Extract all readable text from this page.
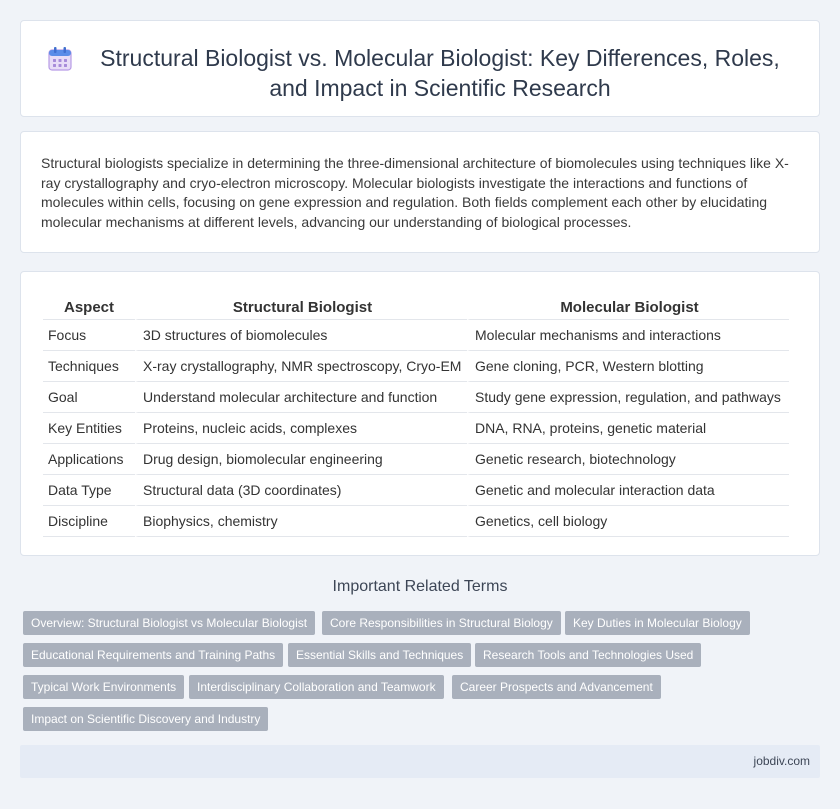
Structural Biologist vs. Molecular Biologist: Key Differences, Roles, and Impact in Scientific Research

Structural biologists specialize in determining the three-dimensional architecture of biomolecules using techniques like X-ray crystallography and cryo-electron microscopy. Molecular biologists investigate the interactions and functions of molecules within cells, focusing on gene expression and regulation. Both fields complement each other by elucidating molecular mechanisms at different levels, advancing our understanding of biological processes.

Aspect	Structural Biologist	Molecular Biologist
Focus	3D structures of biomolecules	Molecular mechanisms and interactions
Techniques	X-ray crystallography, NMR spectroscopy, Cryo-EM	Gene cloning, PCR, Western blotting
Goal	Understand molecular architecture and function	Study gene expression, regulation, and pathways
Key Entities	Proteins, nucleic acids, complexes	DNA, RNA, proteins, genetic material
Applications	Drug design, biomolecular engineering	Genetic research, biotechnology
Data Type	Structural data (3D coordinates)	Genetic and molecular interaction data
Discipline	Biophysics, chemistry	Genetics, cell biology
Important Related Terms
Overview: Structural Biologist vs Molecular Biologist	Core Responsibilities in Structural Biology	Key Duties in Molecular Biology
Educational Requirements and Training Paths	Essential Skills and Techniques	Research Tools and Technologies Used
Typical Work Environments	Interdisciplinary Collaboration and Teamwork	Career Prospects and Advancement
Impact on Scientific Discovery and Industry
jobdiv.com
